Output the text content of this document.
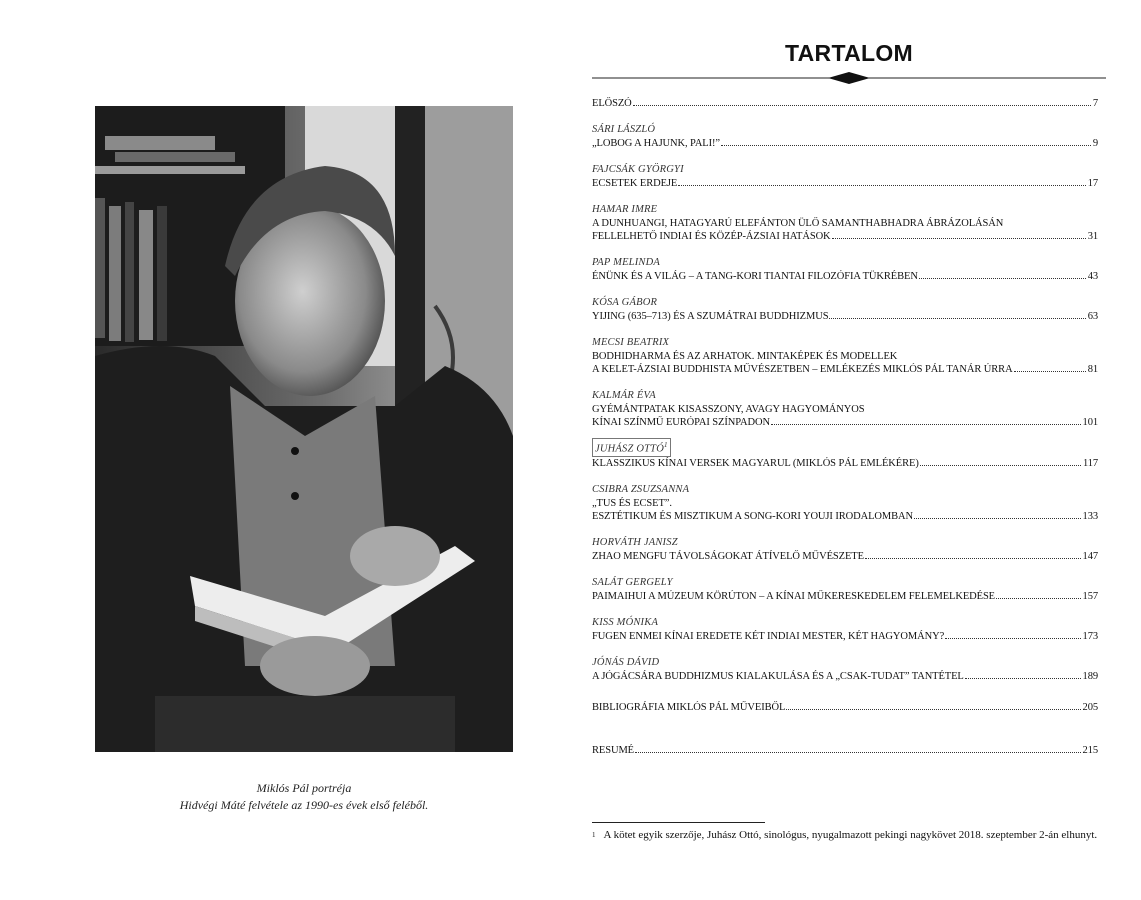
Miklós Pál portréja
Hidvégi Máté felvétele az 1990-es évek első feléből.
TARTALOM
ELŐSZÓ	7
SÁRI LÁSZLÓ
„LOBOG A HAJUNK, PALI!”	9
FAJCSÁK GYÖRGYI
ECSETEK ERDEJE	17
HAMAR IMRE
A DUNHUANGI, HATAGYARÚ ELEFÁNTON ÜLŐ SAMANTHABHADRA ÁBRÁZOLÁSÁN
FELLELHETŐ INDIAI ÉS KÖZÉP-ÁZSIAI HATÁSOK	31
PAP MELINDA
ÉNÜNK ÉS A VILÁG – A TANG-KORI TIANTAI FILOZÓFIA TÜKRÉBEN	43
KÓSA GÁBOR
YIJING (635–713) ÉS A SZUMÁTRAI BUDDHIZMUS	63
MECSI BEATRIX
BODHIDHARMA ÉS AZ ARHATOK. MINTAKÉPEK ÉS MODELLEK
A KELET-ÁZSIAI BUDDHISTA MŰVÉSZETBEN – EMLÉKEZÉS MIKLÓS PÁL TANÁR ÚRRA	81
KALMÁR ÉVA
GYÉMÁNTPATAK KISASSZONY, AVAGY HAGYOMÁNYOS
KÍNAI SZÍNMŰ EURÓPAI SZÍNPADON	101
JUHÁSZ OTTÓ$^1$
KLASSZIKUS KÍNAI VERSEK MAGYARUL (MIKLÓS PÁL EMLÉKÉRE)	117
CSIBRA ZSUZSANNA
„TUS ÉS ECSET”.
ESZTÉTIKUM ÉS MISZTIKUM A SONG-KORI YOUJI IRODALOMBAN	133
HORVÁTH JANISZ
ZHAO MENGFU TÁVOLSÁGOKAT ÁTÍVELŐ MŰVÉSZETE	147
SALÁT GERGELY
PAIMAIHUI A MÚZEUM KÖRÚTON – A KÍNAI MŰKERESKEDELEM FELEMELKEDÉSE	157
KISS MÓNIKA
FUGEN ENMEI KÍNAI EREDETE KÉT INDIAI MESTER, KÉT HAGYOMÁNY?	173
JÓNÁS DÁVID
A JÓGÁCSÁRA BUDDHIZMUS KIALAKULÁSA ÉS A „CSAK-TUDAT” TANTÉTEL	189
BIBLIOGRÁFIA MIKLÓS PÁL MŰVEIBŐL	205
RESUMÉ	215
$^1$ A kötet egyik szerzője, Juhász Ottó, sinológus, nyugalmazott pekingi nagykövet 2018. szeptember 2-án elhunyt.
